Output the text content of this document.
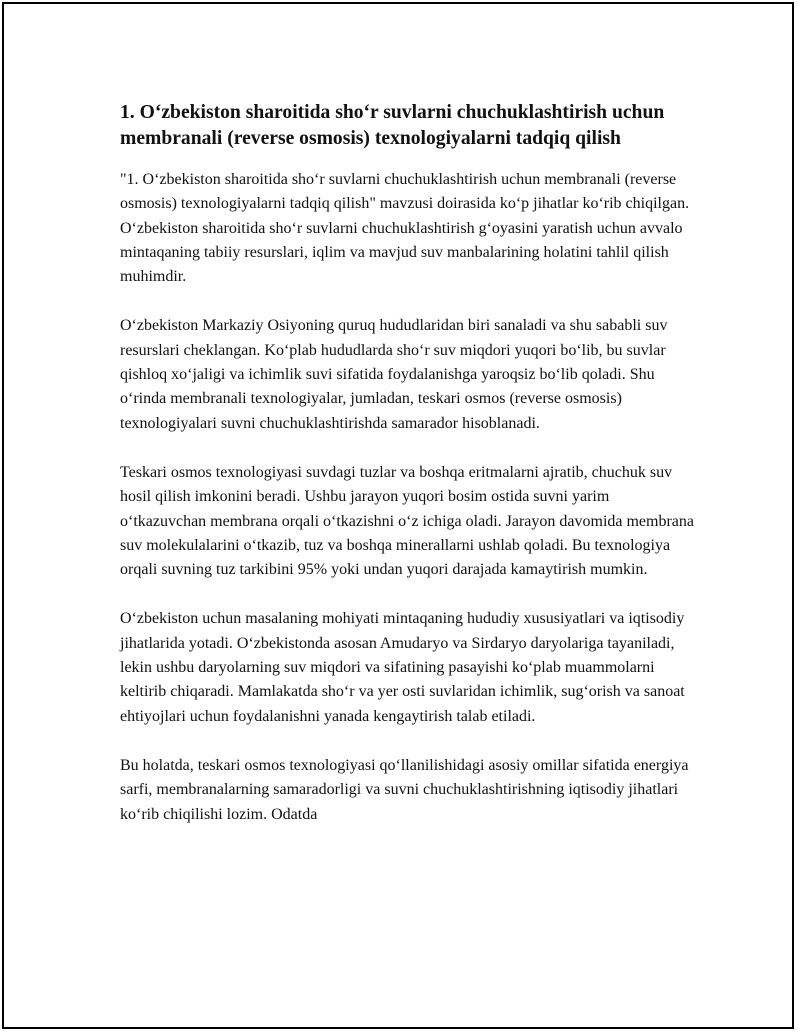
1. O‘zbekiston sharoitida sho‘r suvlarni chuchuklashtirish uchun membranali (reverse osmosis) texnologiyalarni tadqiq qilish

"1. O‘zbekiston sharoitida sho‘r suvlarni chuchuklashtirish uchun membranali (reverse osmosis) texnologiyalarni tadqiq qilish" mavzusi doirasida ko‘p jihatlar ko‘rib chiqilgan. O‘zbekiston sharoitida sho‘r suvlarni chuchuklashtirish g‘oyasini yaratish uchun avvalo mintaqaning tabiiy resurslari, iqlim va mavjud suv manbalarining holatini tahlil qilish muhimdir.

O‘zbekiston Markaziy Osiyoning quruq hududlaridan biri sanaladi va shu sababli suv resurslari cheklangan. Ko‘plab hududlarda sho‘r suv miqdori yuqori bo‘lib, bu suvlar qishloq xo‘jaligi va ichimlik suvi sifatida foydalanishga yaroqsiz bo‘lib qoladi. Shu o‘rinda membranali texnologiyalar, jumladan, teskari osmos (reverse osmosis) texnologiyalari suvni chuchuklashtirishda samarador hisoblanadi.

Teskari osmos texnologiyasi suvdagi tuzlar va boshqa eritmalarni ajratib, chuchuk suv hosil qilish imkonini beradi. Ushbu jarayon yuqori bosim ostida suvni yarim o‘tkazuvchan membrana orqali o‘tkazishni o‘z ichiga oladi. Jarayon davomida membrana suv molekulalarini o‘tkazib, tuz va boshqa minerallarni ushlab qoladi. Bu texnologiya orqali suvning tuz tarkibini 95% yoki undan yuqori darajada kamaytirish mumkin.

O‘zbekiston uchun masalaning mohiyati mintaqaning hududiy xususiyatlari va iqtisodiy jihatlarida yotadi. O‘zbekistonda asosan Amudaryo va Sirdaryo daryolariga tayaniladi, lekin ushbu daryolarning suv miqdori va sifatining pasayishi ko‘plab muammolarni keltirib chiqaradi. Mamlakatda sho‘r va yer osti suvlaridan ichimlik, sug‘orish va sanoat ehtiyojlari uchun foydalanishni yanada kengaytirish talab etiladi.

Bu holatda, teskari osmos texnologiyasi qo‘llanilishidagi asosiy omillar sifatida energiya sarfi, membranalarning samaradorligi va suvni chuchuklashtirishning iqtisodiy jihatlari ko‘rib chiqilishi lozim. Odatda
